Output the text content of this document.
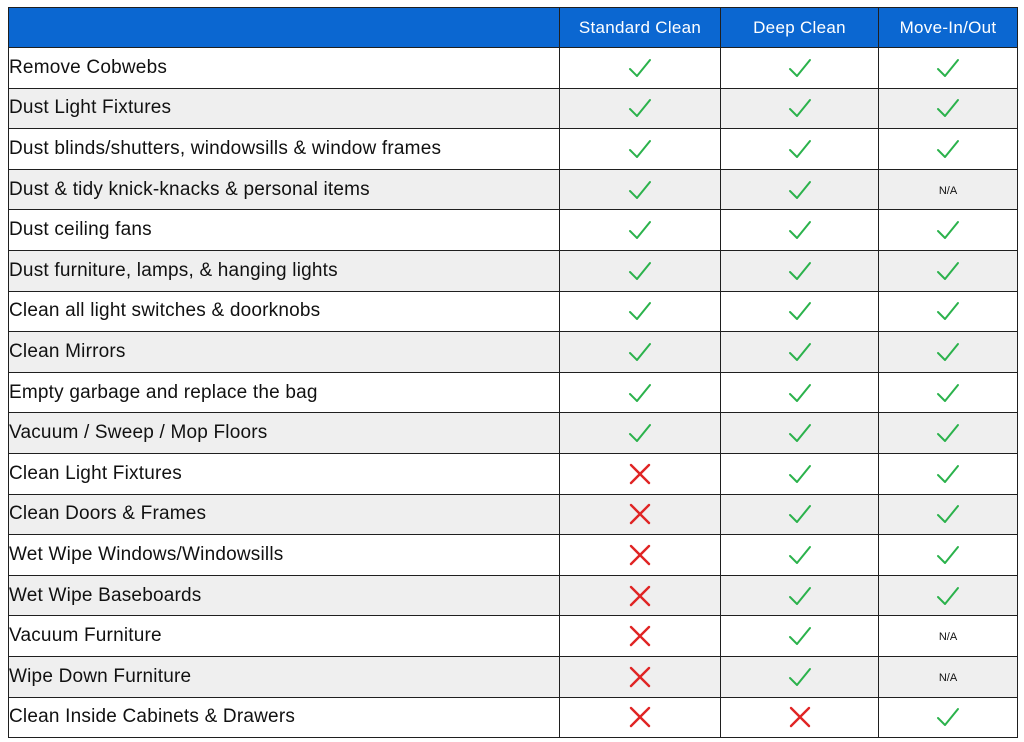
	Standard Clean	Deep Clean	Move-In/Out
Remove Cobwebs			
Dust Light Fixtures			
Dust blinds/shutters, windowsills & window frames			
Dust & tidy knick-knacks & personal items			N/A
Dust ceiling fans			
Dust furniture, lamps, & hanging lights			
Clean all light switches & doorknobs			
Clean Mirrors			
Empty garbage and replace the bag			
Vacuum / Sweep / Mop Floors			
Clean Light Fixtures			
Clean Doors & Frames			
Wet Wipe Windows/Windowsills			
Wet Wipe Baseboards			
Vacuum Furniture			N/A
Wipe Down Furniture			N/A
Clean Inside Cabinets & Drawers			
